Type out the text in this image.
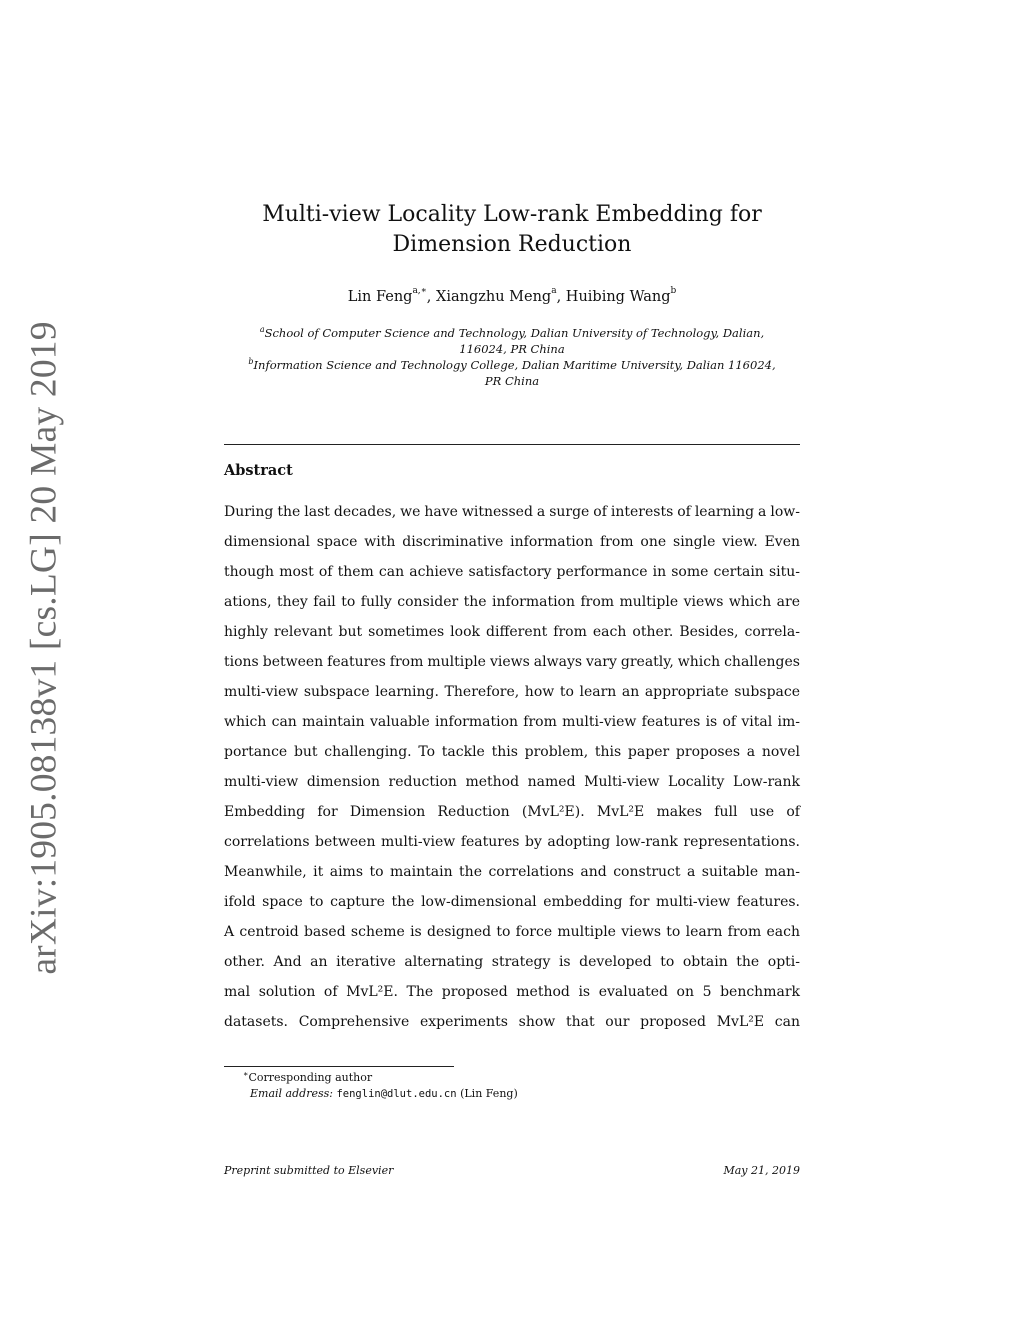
arXiv:1905.08138v1 [cs.LG] 20 May 2019
Multi-view Locality Low-rank Embedding for
Dimension Reduction
Lin Feng$^{a,∗}$, Xiangzhu Meng$^a$, Huibing Wang$^b$
$^a$School of Computer Science and Technology, Dalian University of Technology, Dalian,
116024, PR China
$^b$Information Science and Technology College, Dalian Maritime University, Dalian 116024,
PR China
Abstract
During the last decades, we have witnessed a surge of interests of learning a low-
dimensional space with discriminative information from one single view. Even
though most of them can achieve satisfactory performance in some certain situ-
ations, they fail to fully consider the information from multiple views which are
highly relevant but sometimes look different from each other. Besides, correla-
tions between features from multiple views always vary greatly, which challenges
multi-view subspace learning. Therefore, how to learn an appropriate subspace
which can maintain valuable information from multi-view features is of vital im-
portance but challenging. To tackle this problem, this paper proposes a novel
multi-view dimension reduction method named Multi-view Locality Low-rank
Embedding for Dimension Reduction (MvL²E). MvL²E makes full use of
correlations between multi-view features by adopting low-rank representations.
Meanwhile, it aims to maintain the correlations and construct a suitable man-
ifold space to capture the low-dimensional embedding for multi-view features.
A centroid based scheme is designed to force multiple views to learn from each
other. And an iterative alternating strategy is developed to obtain the opti-
mal solution of MvL²E. The proposed method is evaluated on 5 benchmark
datasets. Comprehensive experiments show that our proposed MvL²E can
∗Corresponding author
Email address: fenglin@dlut.edu.cn (Lin Feng)
Preprint submitted to Elsevier	May 21, 2019
